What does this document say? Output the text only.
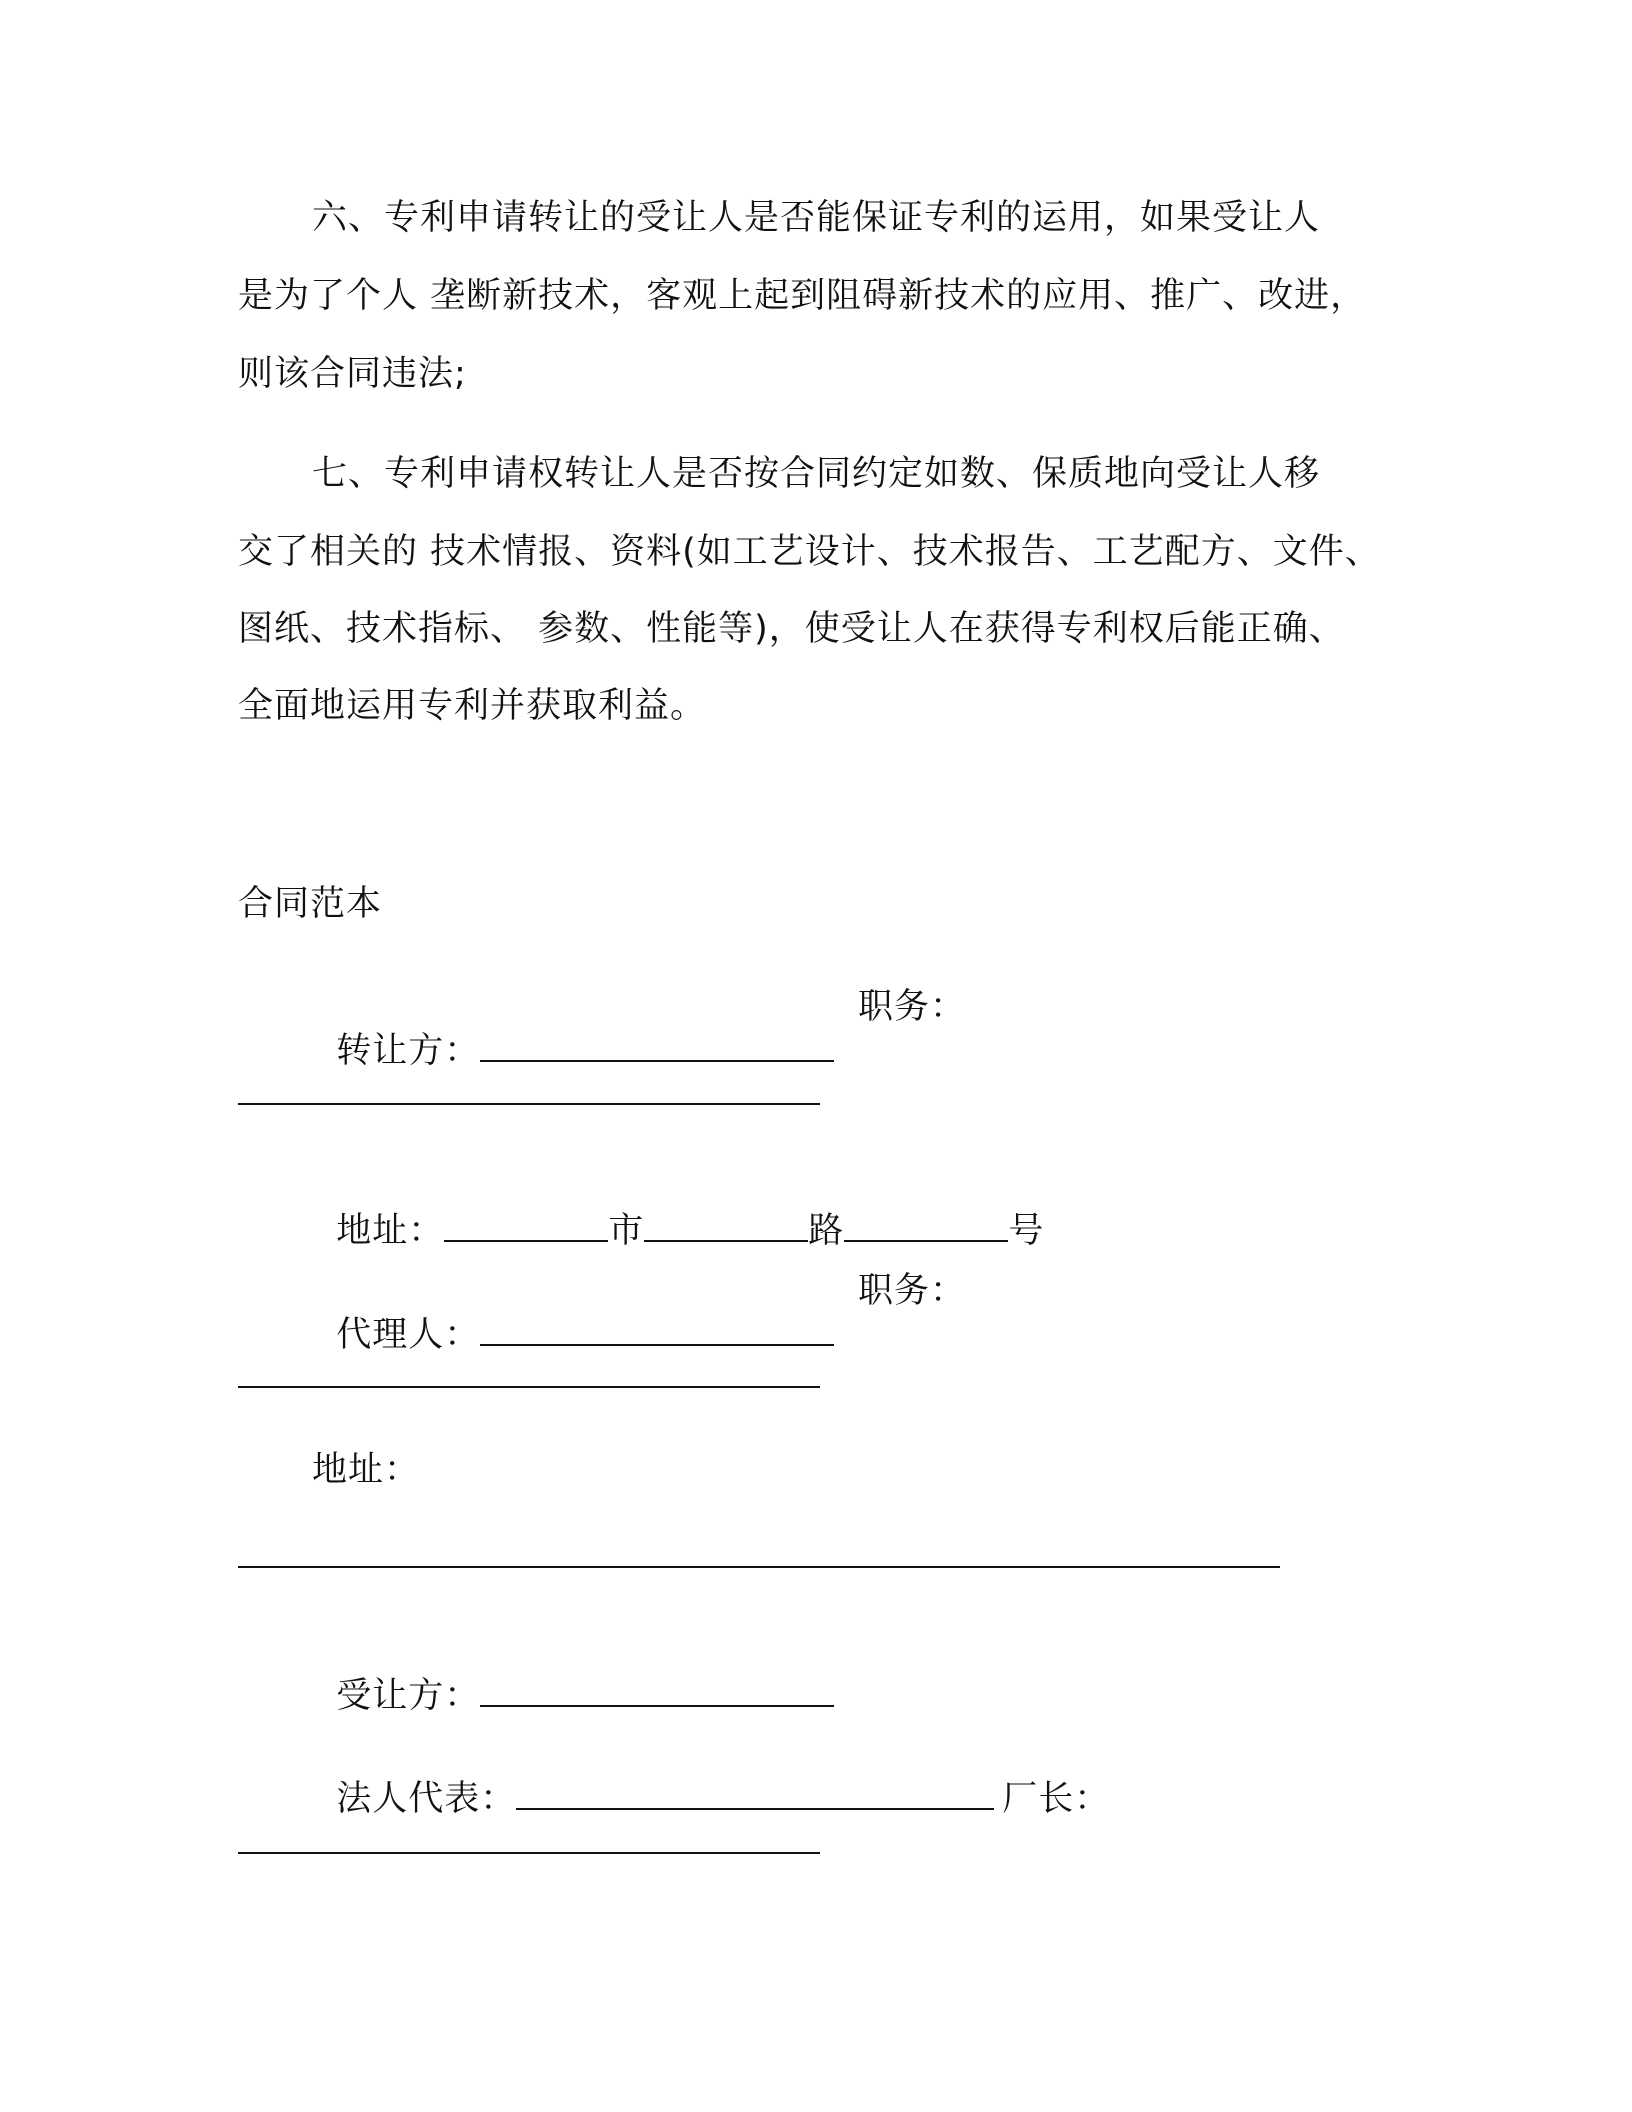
六、专利申请转让的受让人是否能保证专利的运用，如果受让人
是为了个人 垄断新技术，客观上起到阻碍新技术的应用、推广、改进，
则该合同违法;
七、专利申请权转让人是否按合同约定如数、保质地向受让人移
交了相关的 技术情报、资料(如工艺设计、技术报告、工艺配方、文件、
图纸、技术指标、 参数、性能等)，使受让人在获得专利权后能正确、
全面地运用专利并获取利益。
合同范本

转让方：

职务：

地址：	市	路	号

代理人：

职务：
地址：

受让方：

法人代表：	厂长：
